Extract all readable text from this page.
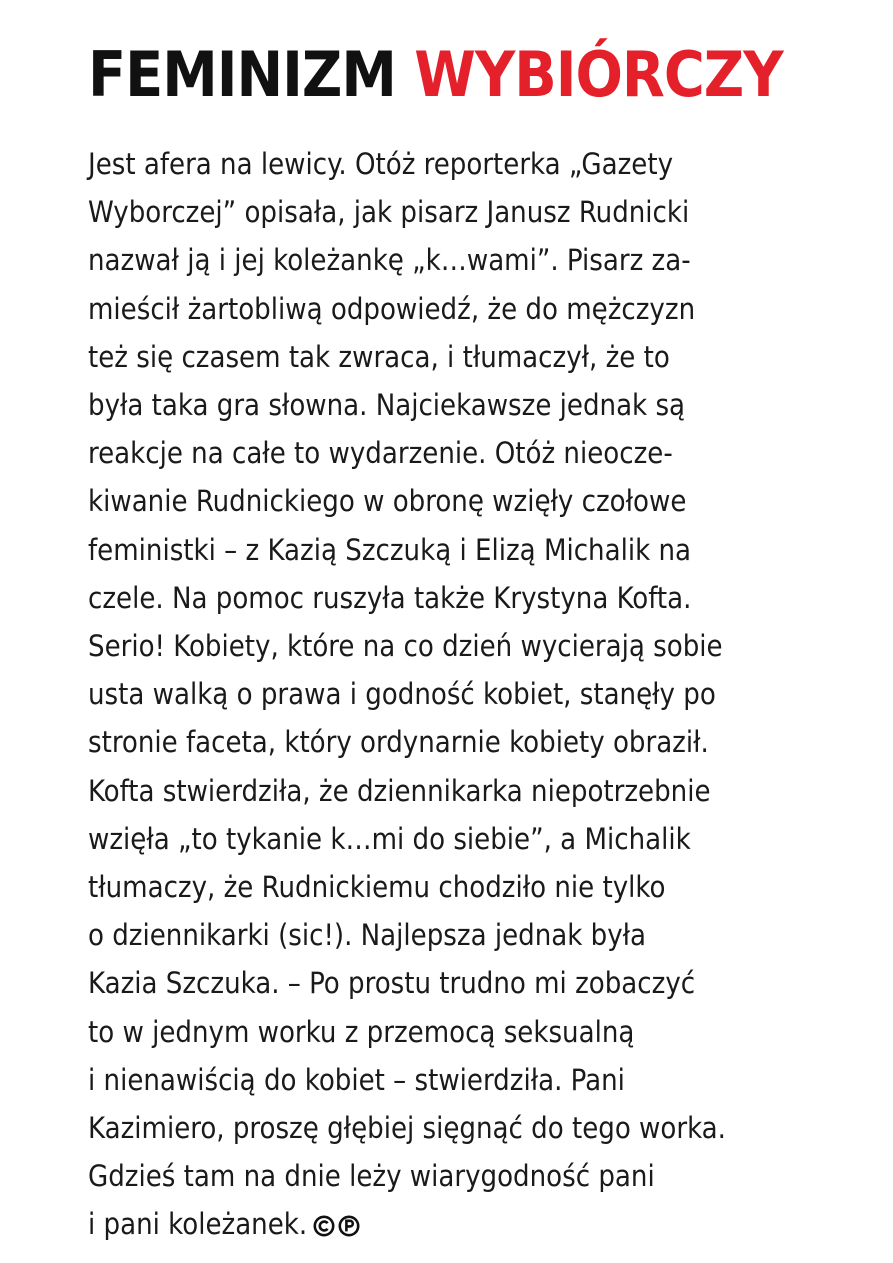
FEMINIZM WYBIÓRCZY

Jest afera na lewicy. Otóż reporterka „Gazety
Wyborczej” opisała, jak pisarz Janusz Rudnicki
nazwał ją i jej koleżankę „k…wami”. Pisarz za-
mieścił żartobliwą odpowiedź, że do mężczyzn
też się czasem tak zwraca, i tłumaczył, że to
była taka gra słowna. Najciekawsze jednak są
reakcje na całe to wydarzenie. Otóż nieocze-
kiwanie Rudnickiego w obronę wzięły czołowe
feministki – z Kazią Szczuką i Elizą Michalik na
czele. Na pomoc ruszyła także Krystyna Kofta.
Serio! Kobiety, które na co dzień wycierają sobie
usta walką o prawa i godność kobiet, stanęły po
stronie faceta, który ordynarnie kobiety obraził.
Kofta stwierdziła, że dziennikarka niepotrzebnie
wzięła „to tykanie k…mi do siebie”, a Michalik
tłumaczy, że Rudnickiemu chodziło nie tylko
o dziennikarki (sic!). Najlepsza jednak była
Kazia Szczuka. – Po prostu trudno mi zobaczyć
to w jednym worku z przemocą seksualną
i nienawiścią do kobiet – stwierdziła. Pani
Kazimiero, proszę głębiej sięgnąć do tego worka.
Gdzieś tam na dnie leży wiarygodność pani
i pani koleżanek.
